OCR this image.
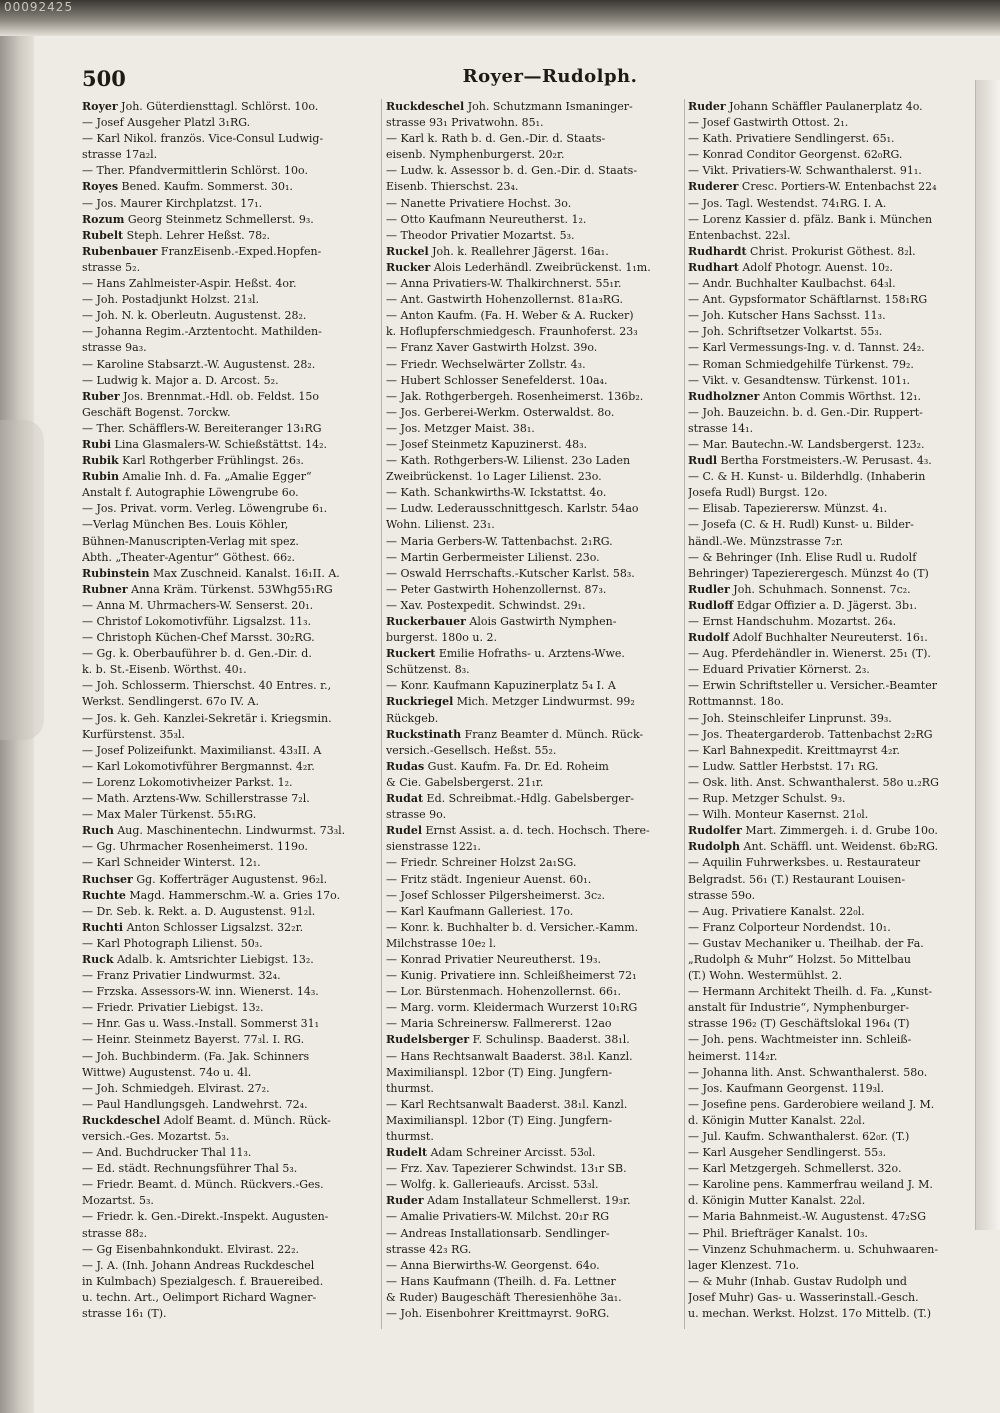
00092425
500	Royer—Rudolph.
Royer Joh. Güterdiensttagl. Schlörst. 10o.
— Josef Ausgeher Platzl 3₁RG.
— Karl Nikol. französ. Vice-Consul Ludwig-
strasse 17a₂l.
— Ther. Pfandvermittlerin Schlörst. 10o.
Royes Bened. Kaufm. Sommerst. 30₁.
— Jos. Maurer Kirchplatzst. 17₁.
Rozum Georg Steinmetz Schmellerst. 9₃.
Rubelt Steph. Lehrer Heßst. 78₂.
Rubenbauer FranzEisenb.-Exped.Hopfen-
strasse 5₂.
— Hans Zahlmeister-Aspir. Heßst. 4or.
— Joh. Postadjunkt Holzst. 21₃l.
— Joh. N. k. Oberleutn. Augustenst. 28₂.
— Johanna Regim.-Arztentocht. Mathilden-
strasse 9a₃.
— Karoline Stabsarzt.-W. Augustenst. 28₂.
— Ludwig k. Major a. D. Arcost. 5₂.
Ruber Jos. Brennmat.-Hdl. ob. Feldst. 15o
Geschäft Bogenst. 7orckw.
— Ther. Schäfflers-W. Bereiteranger 13₁RG
Rubi Lina Glasmalers-W. Schießstättst. 14₂.
Rubik Karl Rothgerber Frühlingst. 26₃.
Rubin Amalie Inh. d. Fa. „Amalie Egger“
Anstalt f. Autographie Löwengrube 6o.
— Jos. Privat. vorm. Verleg. Löwengrube 6₁.
—Verlag München Bes. Louis Köhler,
Bühnen-Manuscripten-Verlag mit spez.
Abth. „Theater-Agentur“ Göthest. 66₂.
Rubinstein Max Zuschneid. Kanalst. 16₁II. A.
Rubner Anna Kräm. Türkenst. 53Whg55₁RG
— Anna M. Uhrmachers-W. Senserst. 20₁.
— Christof Lokomotivführ. Ligsalzst. 11₃.
— Christoph Küchen-Chef Marsst. 30₂RG.
— Gg. k. Oberbauführer b. d. Gen.-Dir. d.
k. b. St.-Eisenb. Wörthst. 40₁.
— Joh. Schlosserm. Thierschst. 40 Entres. r.,
Werkst. Sendlingerst. 67o IV. A.
— Jos. k. Geh. Kanzlei-Sekretär i. Kriegsmin.
Kurfürstenst. 35₃l.
— Josef Polizeifunkt. Maximilianst. 43₃II. A
— Karl Lokomotivführer Bergmannst. 4₂r.
— Lorenz Lokomotivheizer Parkst. 1₂.
— Math. Arztens-Ww. Schillerstrasse 7₂l.
— Max Maler Türkenst. 55₁RG.
Ruch Aug. Maschinentechn. Lindwurmst. 73₃l.
— Gg. Uhrmacher Rosenheimerst. 119o.
— Karl Schneider Winterst. 12₁.
Ruchser Gg. Kofferträger Augustenst. 96₂l.
Ruchte Magd. Hammerschm.-W. a. Gries 17o.
— Dr. Seb. k. Rekt. a. D. Augustenst. 91₂l.
Ruchti Anton Schlosser Ligsalzst. 32₂r.
— Karl Photograph Lilienst. 50₃.
Ruck Adalb. k. Amtsrichter Liebigst. 13₂.
— Franz Privatier Lindwurmst. 32₄.
— Frzska. Assessors-W. inn. Wienerst. 14₃.
— Friedr. Privatier Liebigst. 13₂.
— Hnr. Gas u. Wass.-Install. Sommerst 31₁
— Heinr. Steinmetz Bayerst. 77₃l. I. RG.
— Joh. Buchbinderm. (Fa. Jak. Schinners
Wittwe) Augustenst. 74o u. 4l.
— Joh. Schmiedgeh. Elvirast. 27₂.
— Paul Handlungsgeh. Landwehrst. 72₄.
Ruckdeschel Adolf Beamt. d. Münch. Rück-
versich.-Ges. Mozartst. 5₃.
— And. Buchdrucker Thal 11₃.
— Ed. städt. Rechnungsführer Thal 5₃.
— Friedr. Beamt. d. Münch. Rückvers.-Ges.
Mozartst. 5₃.
— Friedr. k. Gen.-Direkt.-Inspekt. Augusten-
strasse 88₂.
— Gg Eisenbahnkondukt. Elvirast. 22₂.
— J. A. (Inh. Johann Andreas Ruckdeschel
in Kulmbach) Spezialgesch. f. Brauereibed.
u. techn. Art., Oelimport Richard Wagner-
strasse 16₁ (T).
Ruckdeschel Joh. Schutzmann Ismaninger-
strasse 93₁ Privatwohn. 85₁.
— Karl k. Rath b. d. Gen.-Dir. d. Staats-
eisenb. Nymphenburgerst. 20₂r.
— Ludw. k. Assessor b. d. Gen.-Dir. d. Staats-
Eisenb. Thierschst. 23₄.
— Nanette Privatiere Hochst. 3o.
— Otto Kaufmann Neureutherst. 1₂.
— Theodor Privatier Mozartst. 5₃.
Ruckel Joh. k. Reallehrer Jägerst. 16a₁.
Rucker Alois Lederhändl. Zweibrückenst. 1₁m.
— Anna Privatiers-W. Thalkirchnerst. 55₁r.
— Ant. Gastwirth Hohenzollernst. 81a₃RG.
— Anton Kaufm. (Fa. H. Weber & A. Rucker)
k. Hoflupferschmiedgesch. Fraunhoferst. 23₃
— Franz Xaver Gastwirth Holzst. 39o.
— Friedr. Wechselwärter Zollstr. 4₃.
— Hubert Schlosser Senefelderst. 10a₄.
— Jak. Rothgerbergeh. Rosenheimerst. 136b₂.
— Jos. Gerberei-Werkm. Osterwaldst. 8o.
— Jos. Metzger Maist. 38₁.
— Josef Steinmetz Kapuzinerst. 48₃.
— Kath. Rothgerbers-W. Lilienst. 23o Laden
Zweibrückenst. 1o Lager Lilienst. 23o.
— Kath. Schankwirths-W. Ickstattst. 4o.
— Ludw. Lederausschnittgesch. Karlstr. 54ao
Wohn. Lilienst. 23₁.
— Maria Gerbers-W. Tattenbachst. 2₁RG.
— Martin Gerbermeister Lilienst. 23o.
— Oswald Herrschafts.-Kutscher Karlst. 58₃.
— Peter Gastwirth Hohenzollernst. 87₃.
— Xav. Postexpedit. Schwindst. 29₁.
Ruckerbauer Alois Gastwirth Nymphen-
burgerst. 180o u. 2.
Ruckert Emilie Hofraths- u. Arztens-Wwe.
Schützenst. 8₃.
— Konr. Kaufmann Kapuzinerplatz 5₄ I. A
Ruckriegel Mich. Metzger Lindwurmst. 99₂
Rückgeb.
Ruckstinath Franz Beamter d. Münch. Rück-
versich.-Gesellsch. Heßst. 55₂.
Rudas Gust. Kaufm. Fa. Dr. Ed. Roheim
& Cie. Gabelsbergerst. 21₁r.
Rudat Ed. Schreibmat.-Hdlg. Gabelsberger-
strasse 9o.
Rudel Ernst Assist. a. d. tech. Hochsch. There-
sienstrasse 122₁.
— Friedr. Schreiner Holzst 2a₁SG.
— Fritz städt. Ingenieur Auenst. 60₁.
— Josef Schlosser Pilgersheimerst. 3c₂.
— Karl Kaufmann Galleriest. 17o.
— Konr. k. Buchhalter b. d. Versicher.-Kamm.
Milchstrasse 10e₂ l.
— Konrad Privatier Neureutherst. 19₃.
— Kunig. Privatiere inn. Schleißheimerst 72₁
— Lor. Bürstenmach. Hohenzollernst. 66₁.
— Marg. vorm. Kleidermach Wurzerst 10₁RG
— Maria Schreinersw. Fallmererst. 12ao
Rudelsberger F. Schulinsp. Baaderst. 38₁l.
— Hans Rechtsanwalt Baaderst. 38₁l. Kanzl.
Maximilianspl. 12bor (T) Eing. Jungfern-
thurmst.
— Karl Rechtsanwalt Baaderst. 38₁l. Kanzl.
Maximilianspl. 12bor (T) Eing. Jungfern-
thurmst.
Rudelt Adam Schreiner Arcisst. 53₀l.
— Frz. Xav. Tapezierer Schwindst. 13₁r SB.
— Wolfg. k. Gallerieaufs. Arcisst. 53₃l.
Ruder Adam Installateur Schmellerst. 19₃r.
— Amalie Privatiers-W. Milchst. 20₁r RG
— Andreas Installationsarb. Sendlinger-
strasse 42₃ RG.
— Anna Bierwirths-W. Georgenst. 64o.
— Hans Kaufmann (Theilh. d. Fa. Lettner
& Ruder) Baugeschäft Theresienhöhe 3a₁.
— Joh. Eisenbohrer Kreittmayrst. 9oRG.
Ruder Johann Schäffler Paulanerplatz 4o.
— Josef Gastwirth Ottost. 2₁.
— Kath. Privatiere Sendlingerst. 65₁.
— Konrad Conditor Georgenst. 62₀RG.
— Vikt. Privatiers-W. Schwanthalerst. 91₁.
Ruderer Cresc. Portiers-W. Entenbachst 22₄
— Jos. Tagl. Westendst. 74₁RG. I. A.
— Lorenz Kassier d. pfälz. Bank i. München
Entenbachst. 22₃l.
Rudhardt Christ. Prokurist Göthest. 8₂l.
Rudhart Adolf Photogr. Auenst. 10₂.
— Andr. Buchhalter Kaulbachst. 64₃l.
— Ant. Gypsformator Schäftlarnst. 158₁RG
— Joh. Kutscher Hans Sachsst. 11₃.
— Joh. Schriftsetzer Volkartst. 55₃.
— Karl Vermessungs-Ing. v. d. Tannst. 24₂.
— Roman Schmiedgehilfe Türkenst. 79₂.
— Vikt. v. Gesandtensw. Türkenst. 101₁.
Rudholzner Anton Commis Wörthst. 12₁.
— Joh. Bauzeichn. b. d. Gen.-Dir. Ruppert-
strasse 14₁.
— Mar. Bautechn.-W. Landsbergerst. 123₂.
Rudl Bertha Forstmeisters.-W. Perusast. 4₃.
— C. & H. Kunst- u. Bilderhdlg. (Inhaberin
Josefa Rudl) Burgst. 12o.
— Elisab. Tapezierersw. Münzst. 4₁.
— Josefa (C. & H. Rudl) Kunst- u. Bilder-
händl.-We. Münzstrasse 7₂r.
— & Behringer (Inh. Elise Rudl u. Rudolf
Behringer) Tapezierergesch. Münzst 4o (T)
Rudler Joh. Schuhmach. Sonnenst. 7c₂.
Rudloff Edgar Offizier a. D. Jägerst. 3b₁.
— Ernst Handschuhm. Mozartst. 26₄.
Rudolf Adolf Buchhalter Neureuterst. 16₁.
— Aug. Pferdehändler in. Wienerst. 25₁ (T).
— Eduard Privatier Körnerst. 2₃.
— Erwin Schriftsteller u. Versicher.-Beamter
Rottmannst. 18o.
— Joh. Steinschleifer Linprunst. 39₃.
— Jos. Theatergarderob. Tattenbachst 2₂RG
— Karl Bahnexpedit. Kreittmayrst 4₂r.
— Ludw. Sattler Herbstst. 17₁ RG.
— Osk. lith. Anst. Schwanthalerst. 58o u.₂RG
— Rup. Metzger Schulst. 9₃.
— Wilh. Monteur Kasernst. 21₀l.
Rudolfer Mart. Zimmergeh. i. d. Grube 10o.
Rudolph Ant. Schäffl. unt. Weidenst. 6b₂RG.
— Aquilin Fuhrwerksbes. u. Restaurateur
Belgradst. 56₁ (T.) Restaurant Louisen-
strasse 59o.
— Aug. Privatiere Kanalst. 22₀l.
— Franz Colporteur Nordendst. 10₁.
— Gustav Mechaniker u. Theilhab. der Fa.
„Rudolph & Muhr“ Holzst. 5o Mittelbau
(T.) Wohn. Westermühlst. 2.
— Hermann Architekt Theilh. d. Fa. „Kunst-
anstalt für Industrie“, Nymphenburger-
strasse 196₂ (T) Geschäftslokal 196₄ (T)
— Joh. pens. Wachtmeister inn. Schleiß-
heimerst. 114₂r.
— Johanna lith. Anst. Schwanthalerst. 58o.
— Jos. Kaufmann Georgenst. 119₃l.
— Josefine pens. Garderobiere weiland J. M.
d. Königin Mutter Kanalst. 22₀l.
— Jul. Kaufm. Schwanthalerst. 62₀r. (T.)
— Karl Ausgeher Sendlingerst. 55₃.
— Karl Metzgergeh. Schmellerst. 32o.
— Karoline pens. Kammerfrau weiland J. M.
d. Königin Mutter Kanalst. 22₀l.
— Maria Bahnmeist.-W. Augustenst. 47₂SG
— Phil. Briefträger Kanalst. 10₃.
— Vinzenz Schuhmacherm. u. Schuhwaaren-
lager Klenzest. 71o.
— & Muhr (Inhab. Gustav Rudolph und
Josef Muhr) Gas- u. Wasserinstall.-Gesch.
u. mechan. Werkst. Holzst. 17o Mittelb. (T.)
